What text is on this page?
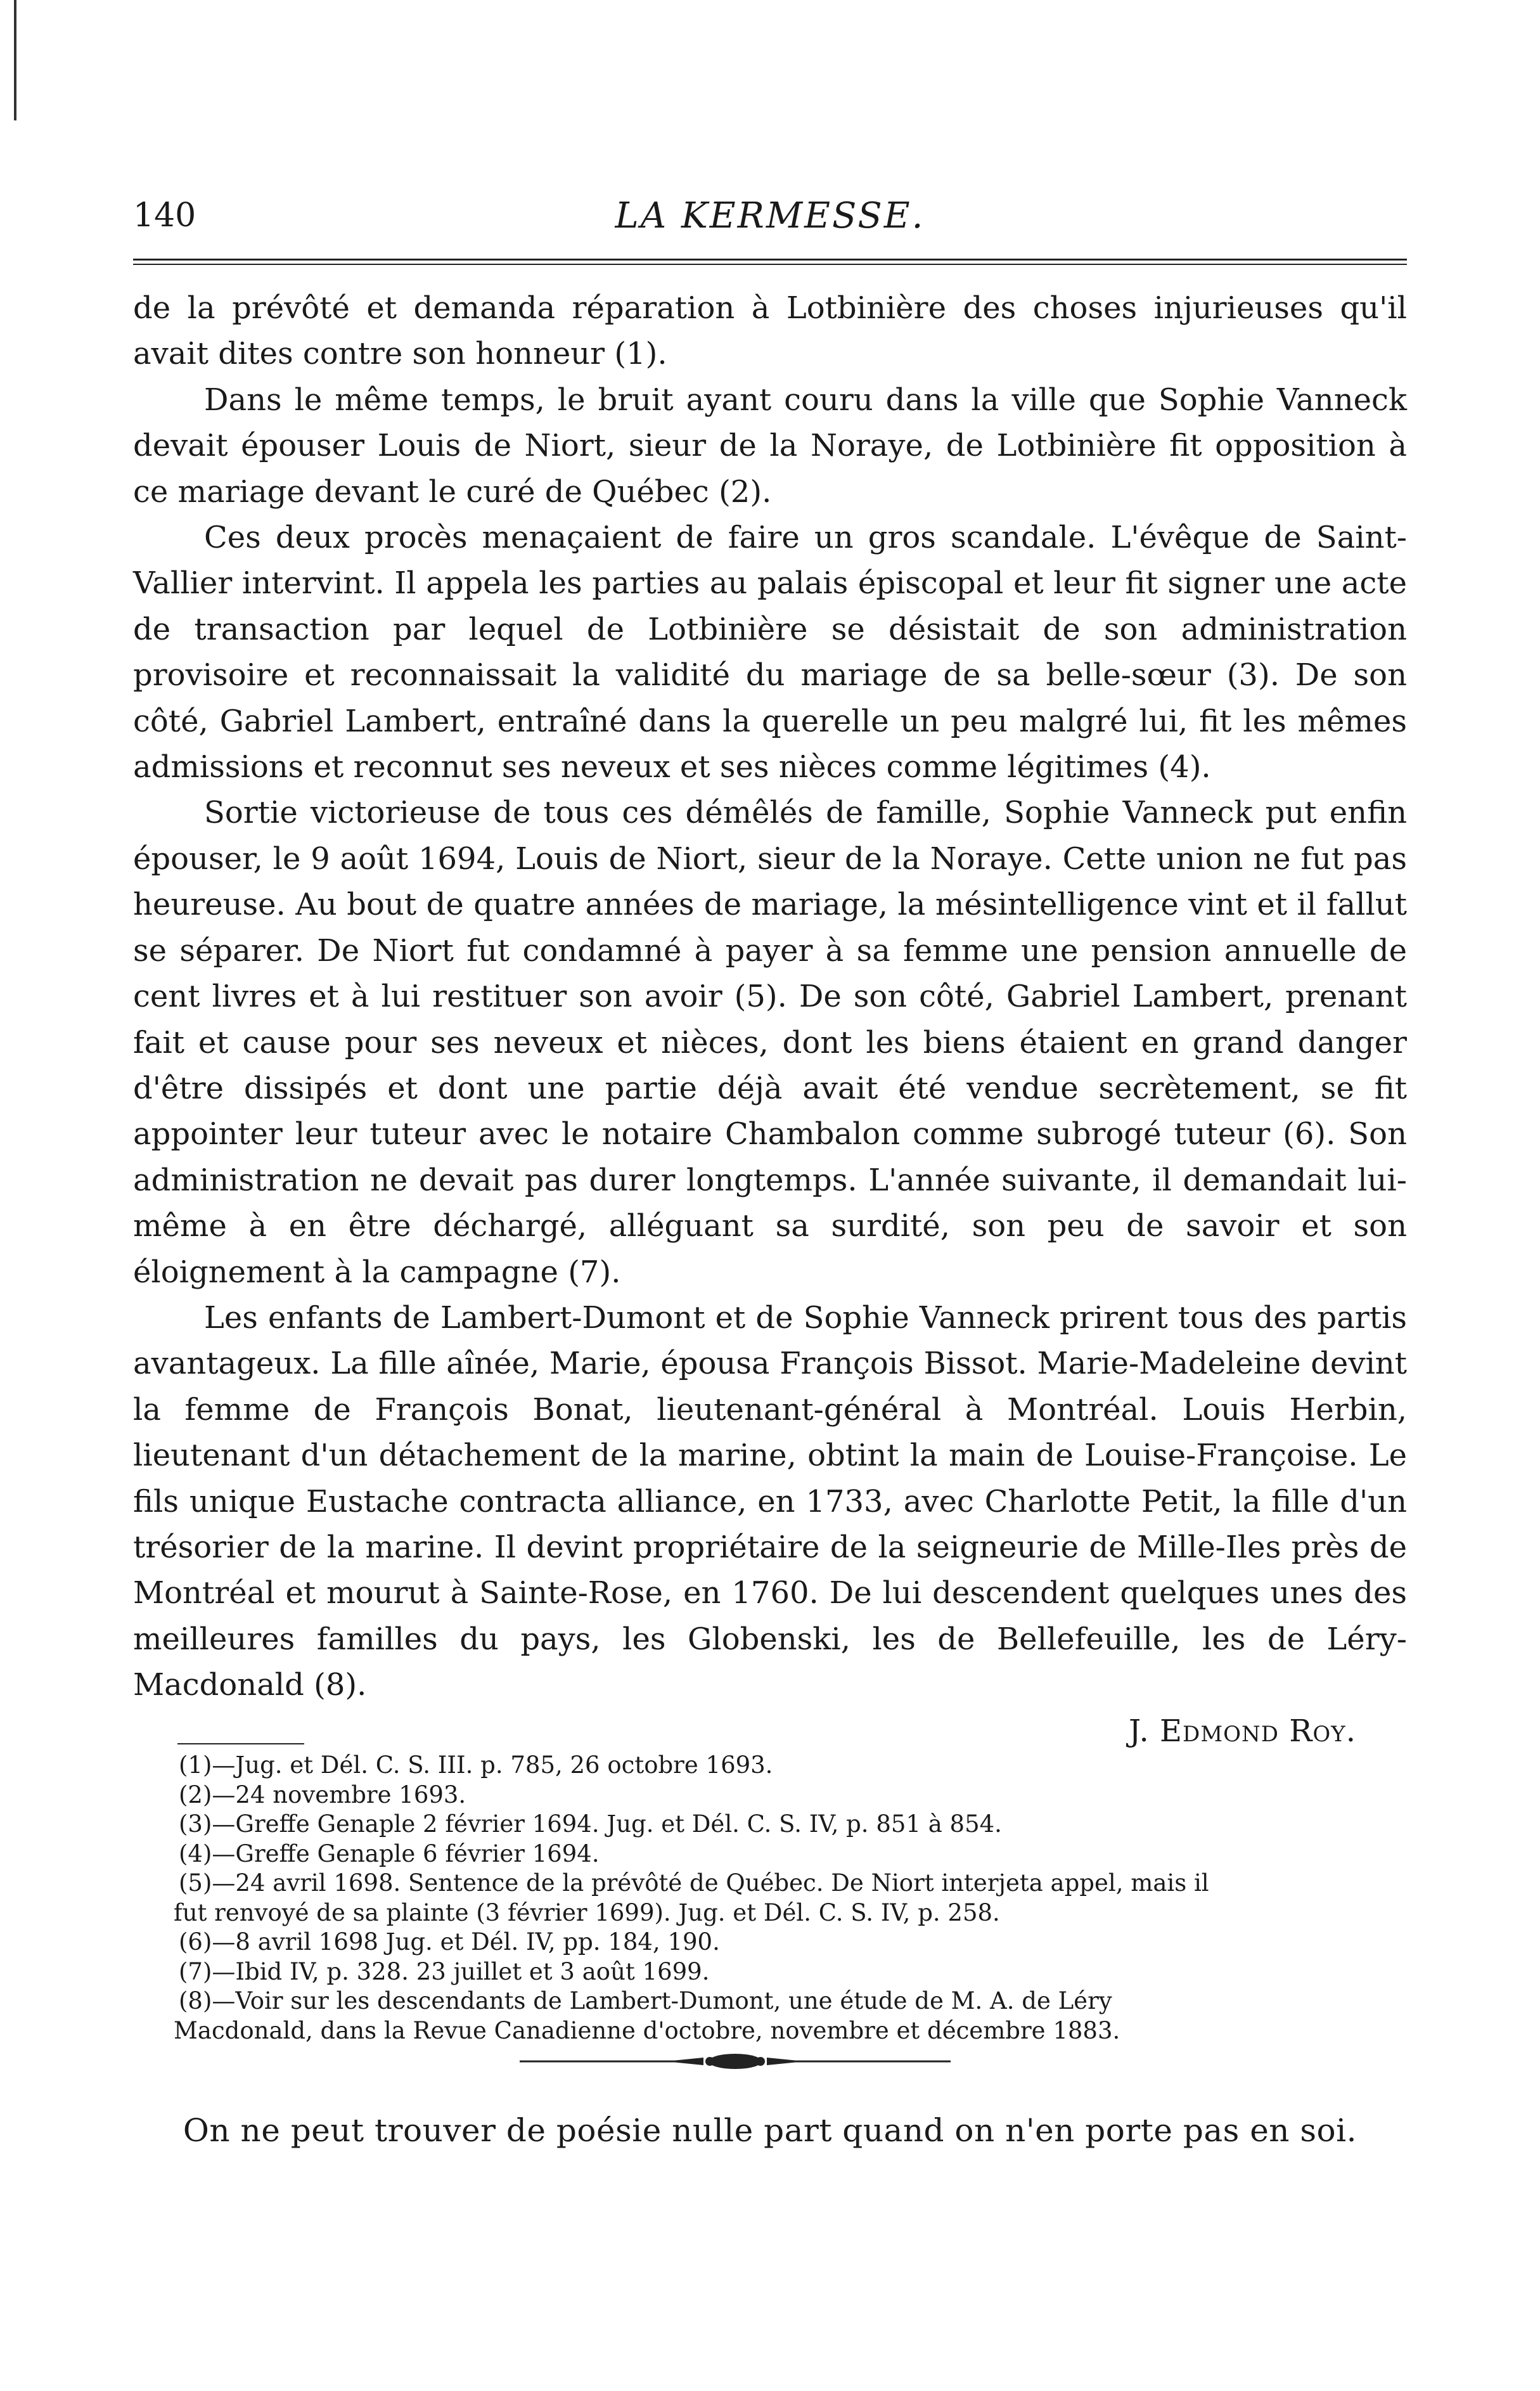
140	LA KERMESSE.

de la prévôté et demanda réparation à Lotbinière des choses injurieuses qu'il avait dites contre son honneur (1).

Dans le même temps, le bruit ayant couru dans la ville que Sophie Vanneck devait épouser Louis de Niort, sieur de la Noraye, de Lotbinière fit opposition à ce mariage devant le curé de Québec (2).

Ces deux procès menaçaient de faire un gros scandale. L'évêque de Saint-Vallier intervint. Il appela les parties au palais épiscopal et leur fit signer une acte de transaction par lequel de Lotbinière se désistait de son administration provisoire et reconnaissait la validité du mariage de sa belle-sœur (3). De son côté, Gabriel Lambert, entraîné dans la querelle un peu malgré lui, fit les mêmes admissions et reconnut ses neveux et ses nièces comme légitimes (4).

Sortie victorieuse de tous ces démêlés de famille, Sophie Vanneck put enfin épouser, le 9 août 1694, Louis de Niort, sieur de la Noraye. Cette union ne fut pas heureuse. Au bout de quatre années de mariage, la mésintelligence vint et il fallut se séparer. De Niort fut condamné à payer à sa femme une pension annuelle de cent livres et à lui restituer son avoir (5). De son côté, Gabriel Lambert, prenant fait et cause pour ses neveux et nièces, dont les biens étaient en grand danger d'être dissipés et dont une partie déjà avait été vendue secrètement, se fit appointer leur tuteur avec le notaire Chambalon comme subrogé tuteur (6). Son administration ne devait pas durer longtemps. L'année suivante, il demandait lui-même à en être déchargé, alléguant sa surdité, son peu de savoir et son éloignement à la campagne (7).

Les enfants de Lambert-Dumont et de Sophie Vanneck prirent tous des partis avantageux. La fille aînée, Marie, épousa François Bissot. Marie-Madeleine devint la femme de François Bonat, lieutenant-général à Montréal. Louis Herbin, lieutenant d'un détachement de la marine, obtint la main de Louise-Françoise. Le fils unique Eustache contracta alliance, en 1733, avec Charlotte Petit, la fille d'un trésorier de la marine. Il devint propriétaire de la seigneurie de Mille-Iles près de Montréal et mourut à Sainte-Rose, en 1760. De lui descendent quelques unes des meilleures familles du pays, les Globenski, les de Bellefeuille, les de Léry-Macdonald (8).

J. Edmond Roy.

(1)—Jug. et Dél. C. S. III. p. 785, 26 octobre 1693.

(2)—24 novembre 1693.

(3)—Greffe Genaple 2 février 1694. Jug. et Dél. C. S. IV, p. 851 à 854.

(4)—Greffe Genaple 6 février 1694.

(5)—24 avril 1698. Sentence de la prévôté de Québec. De Niort interjeta appel, mais il

fut renvoyé de sa plainte (3 février 1699). Jug. et Dél. C. S. IV, p. 258.

(6)—8 avril 1698 Jug. et Dél. IV, pp. 184, 190.

(7)—Ibid IV, p. 328. 23 juillet et 3 août 1699.

(8)—Voir sur les descendants de Lambert-Dumont, une étude de M. A. de Léry

Macdonald, dans la Revue Canadienne d'octobre, novembre et décembre 1883.

On ne peut trouver de poésie nulle part quand on n'en porte pas en soi.
